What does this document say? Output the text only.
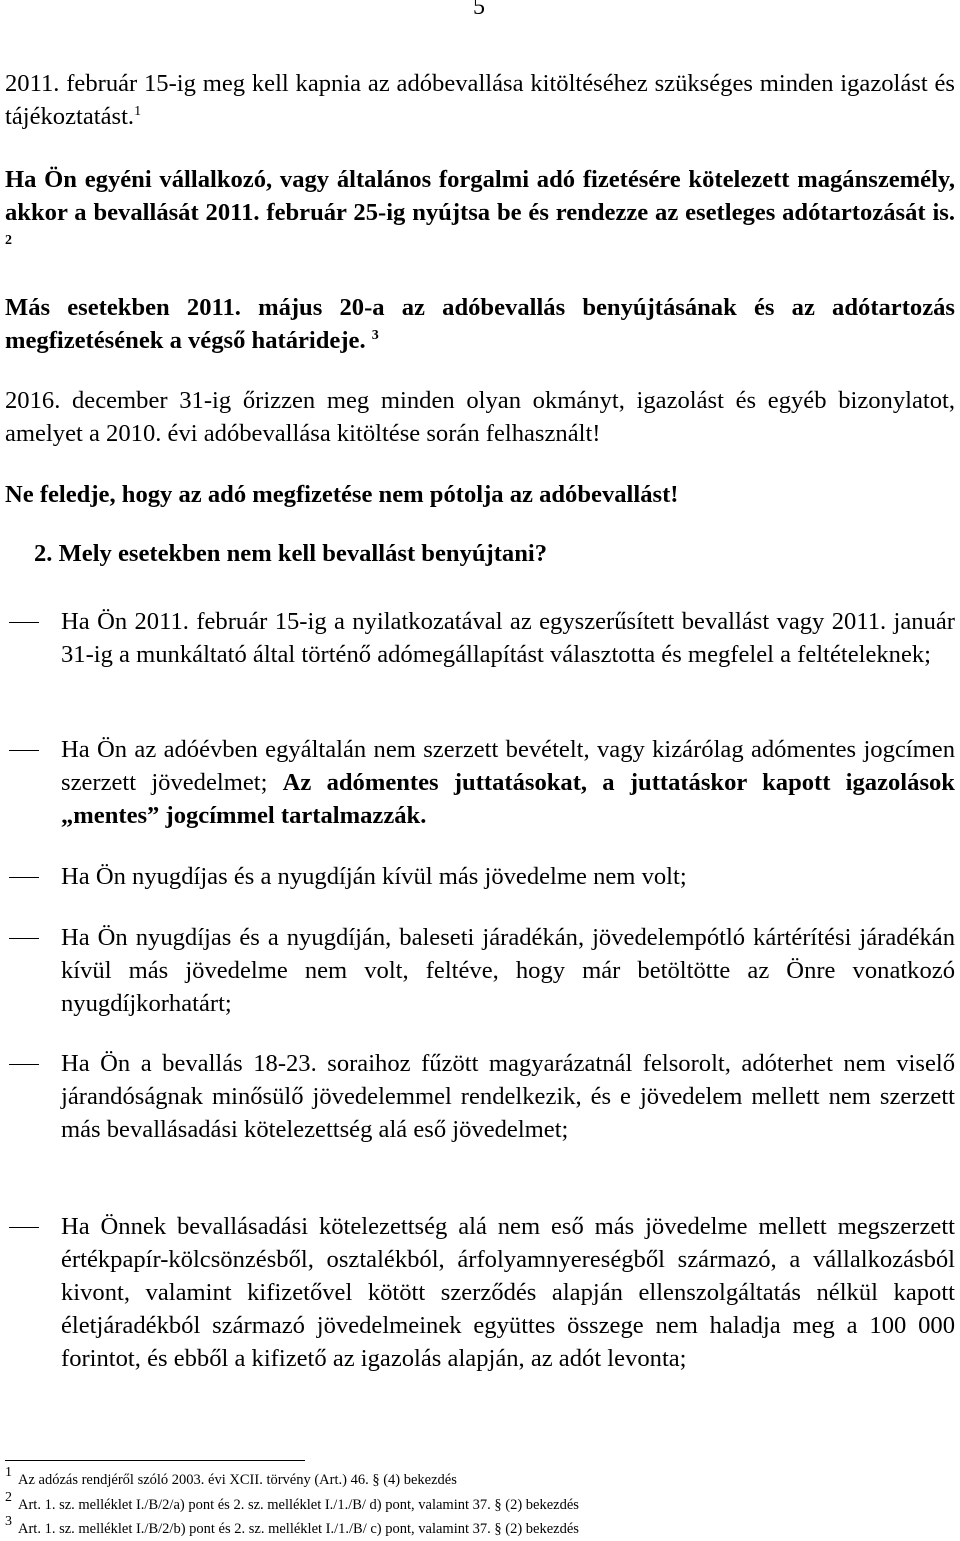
5

2011. február 15-ig meg kell kapnia az adóbevallása kitöltéséhez szükséges minden igazolást és tájékoztatást.$^1$

Ha Ön egyéni vállalkozó, vagy általános forgalmi adó fizetésére kötelezett magánszemély, akkor a bevallását 2011. február 25-ig nyújtsa be és rendezze az esetleges adótartozását is. $^2$

Más esetekben 2011. május 20-a az adóbevallás benyújtásának és az adótartozás megfizetésének a végső határideje. $^3$

2016. december 31-ig őrizzen meg minden olyan okmányt, igazolást és egyéb bizonylatot, amelyet a 2010. évi adóbevallása kitöltése során felhasznált!

Ne feledje, hogy az adó megfizetése nem pótolja az adóbevallást!

2. Mely esetekben nem kell bevallást benyújtani?

Ha Ön 2011. február 15-ig a nyilatkozatával az egyszerűsített bevallást vagy 2011. január 31-ig a munkáltató által történő adómegállapítást választotta és megfelel a feltételeknek;
Ha Ön az adóévben egyáltalán nem szerzett bevételt, vagy kizárólag adómentes jogcímen szerzett jövedelmet; Az adómentes juttatásokat, a juttatáskor kapott igazolások „mentes” jogcímmel tartalmazzák.
Ha Ön nyugdíjas és a nyugdíján kívül más jövedelme nem volt;
Ha Ön nyugdíjas és a nyugdíján, baleseti járadékán, jövedelempótló kártérítési járadékán kívül más jövedelme nem volt, feltéve, hogy már betöltötte az Önre vonatkozó nyugdíjkorhatárt;
Ha Ön a bevallás 18-23. soraihoz fűzött magyarázatnál felsorolt, adóterhet nem viselő járandóságnak minősülő jövedelemmel rendelkezik, és e jövedelem mellett nem szerzett más bevallásadási kötelezettség alá eső jövedelmet;
Ha Önnek bevallásadási kötelezettség alá nem eső más jövedelme mellett megszerzett értékpapír-kölcsönzésből, osztalékból, árfolyamnyereségből származó, a vállalkozásból kivont, valamint kifizetővel kötött szerződés alapján ellenszolgáltatás nélkül kapott életjáradékból származó jövedelmeinek együttes összege nem haladja meg a 100 000 forintot, és ebből a kifizető az igazolás alapján, az adót levonta;

1 Az adózás rendjéről szóló 2003. évi XCII. törvény (Art.) 46. § (4) bekezdés

2 Art. 1. sz. melléklet I./B/2/a) pont és 2. sz. melléklet I./1./B/ d) pont, valamint 37. § (2) bekezdés

3 Art. 1. sz. melléklet I./B/2/b) pont és 2. sz. melléklet I./1./B/ c) pont, valamint 37. § (2) bekezdés
